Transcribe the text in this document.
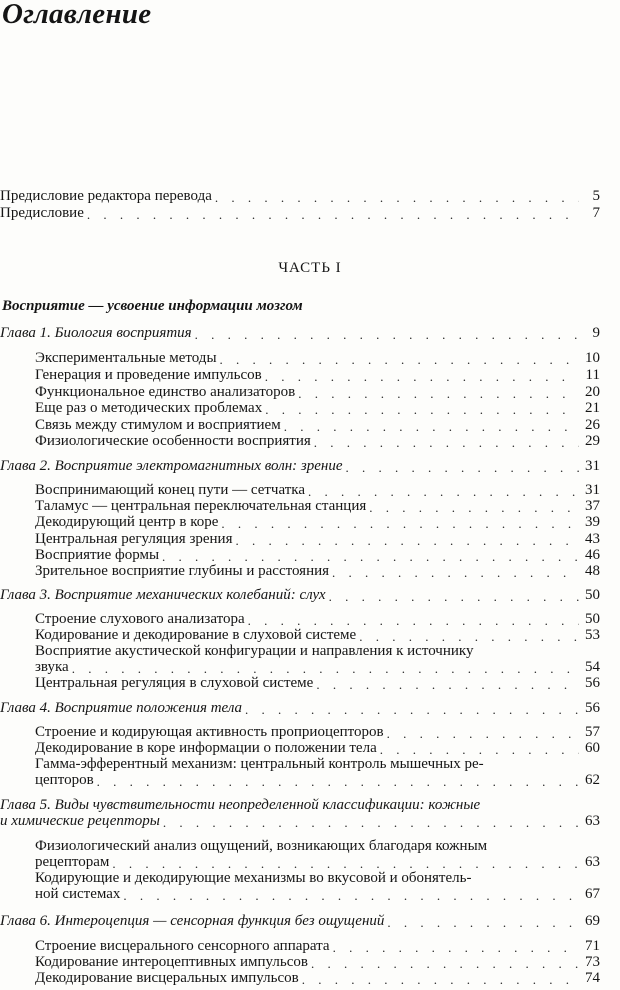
Оглавление
Предисловие редактора перевода . . .	5
Предисловие . . .	7
ЧАСТЬ I
Восприятие — усвоение информации мозгом
Глава 1. Биология восприятия . . .	9
Экспериментальные методы . . .	10
Генерация и проведение импульсов . . .	11
Функциональное единство анализаторов . . .	20
Еще раз о методических проблемах . . .	21
Связь между стимулом и восприятием . . .	26
Физиологические особенности восприятия . . .	29
Глава 2. Восприятие электромагнитных волн: зрение . . .	31
Воспринимающий конец пути — сетчатка . . .	31
Таламус — центральная переключательная станция . . .	37
Декодирующий центр в коре . . .	39
Центральная регуляция зрения . . .	43
Восприятие формы . . .	46
Зрительное восприятие глубины и расстояния . . .	48
Глава 3. Восприятие механических колебаний: слух . . .	50
Строение слухового анализатора . . .	50
Кодирование и декодирование в слуховой системе . . .	53
Восприятие акустической конфигурации и направления к источнику
звука . . .	54
Центральная регуляция в слуховой системе . . .	56
Глава 4. Восприятие положения тела . . .	56
Строение и кодирующая активность проприоцепторов . . .	57
Декодирование в коре информации о положении тела . . .	60
Гамма-эфферентный механизм: центральный контроль мышечных ре-
цепторов . . .	62
Глава 5. Виды чувствительности неопределенной классификации: кожные
и химические рецепторы . . .	63
Физиологический анализ ощущений, возникающих благодаря кожным
рецепторам . . .	63
Кодирующие и декодирующие механизмы во вкусовой и обонятель-
ной системах . . .	67
Глава 6. Интероцепция — сенсорная функция без ощущений . . .	69
Строение висцерального сенсорного аппарата . . .	71
Кодирование интероцептивных импульсов . . .	73
Декодирование висцеральных импульсов . . .	74
